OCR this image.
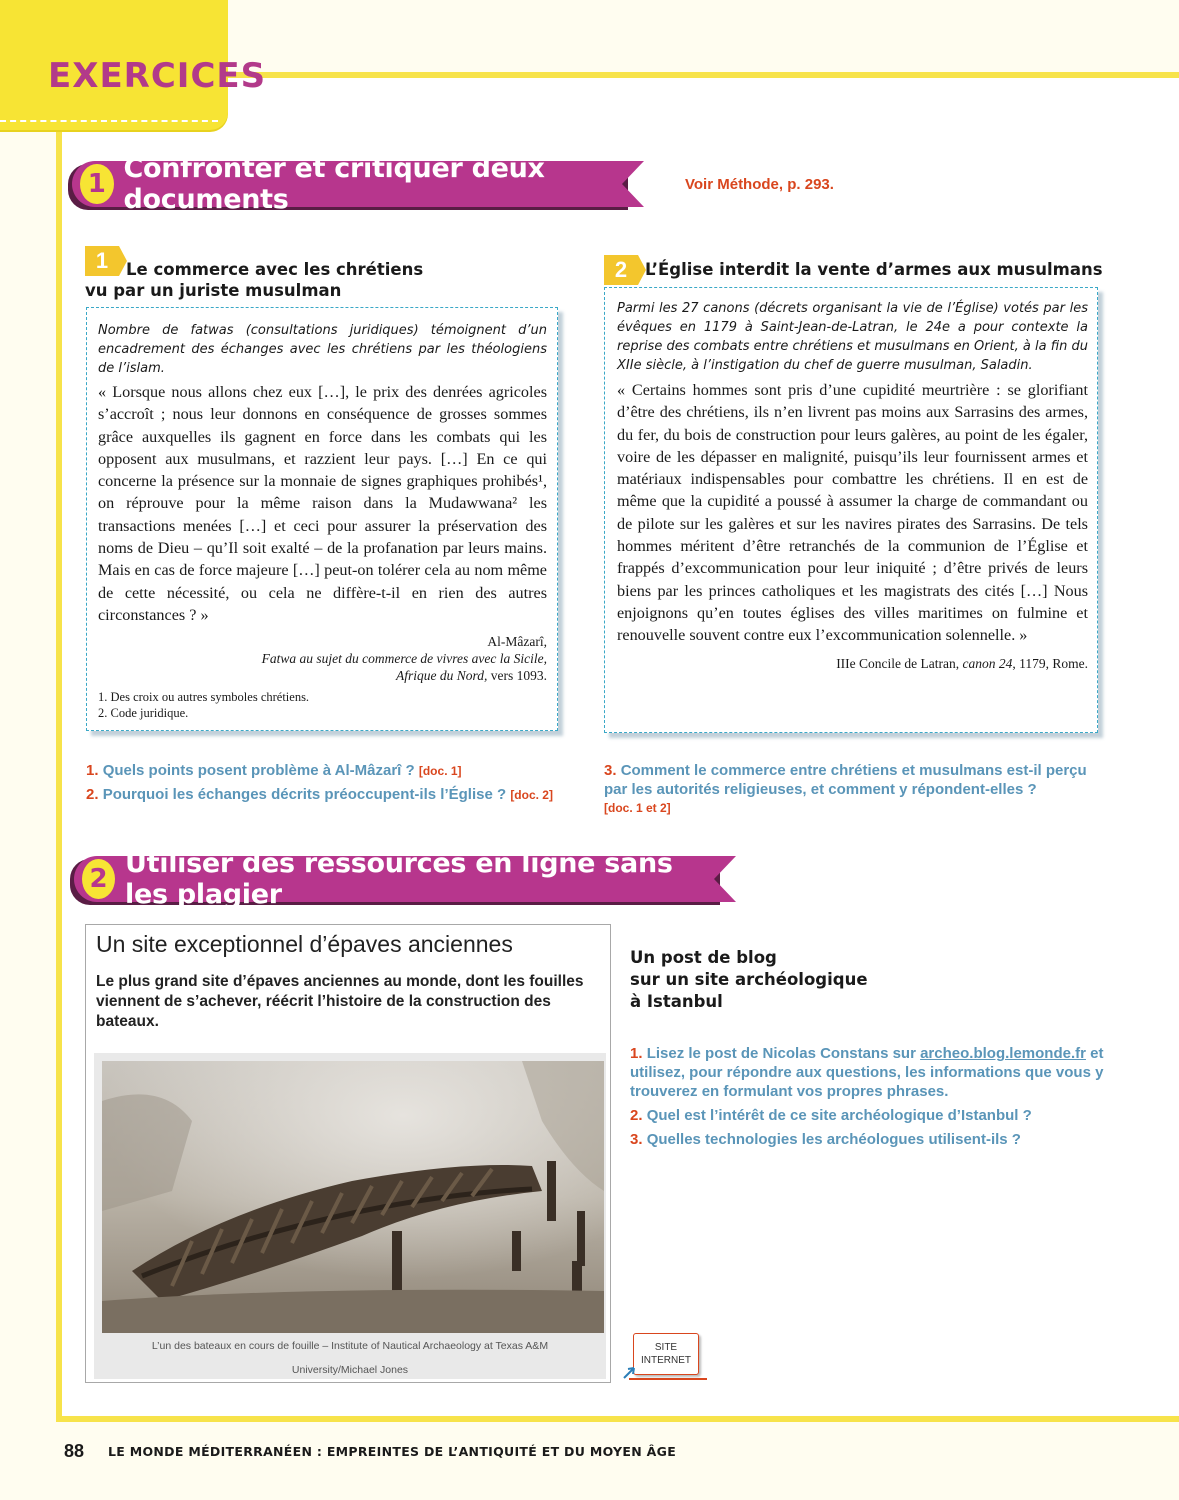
EXERCICES
1 Confronter et critiquer deux documents	Voir Méthode, p. 293.
1	Le commerce avec les chrétiens
vu par un juriste musulman
Nombre de fatwas (consultations juridiques) témoignent d’un encadrement des échanges avec les chrétiens par les théologiens de l’islam.
« Lorsque nous allons chez eux […], le prix des denrées agricoles s’accroît ; nous leur donnons en conséquence de grosses sommes grâce auxquelles ils gagnent en force dans les combats qui les opposent aux musulmans, et razzient leur pays. […] En ce qui concerne la présence sur la monnaie de signes graphiques prohibés¹, on réprouve pour la même raison dans la Mudawwana² les transactions menées […] et ceci pour assurer la préservation des noms de Dieu – qu’Il soit exalté – de la profanation par leurs mains. Mais en cas de force majeure […] peut-on tolérer cela au nom même de cette nécessité, ou cela ne diffère-t-il en rien des autres circonstances ? »
Al-Mâzarî,
Fatwa au sujet du commerce de vivres avec la Sicile,
Afrique du Nord, vers 1093.
1. Des croix ou autres symboles chrétiens.
2. Code juridique.
2	L’Église interdit la vente d’armes aux musulmans
Parmi les 27 canons (décrets organisant la vie de l’Église) votés par les évêques en 1179 à Saint-Jean-de-Latran, le 24e a pour contexte la reprise des combats entre chrétiens et musulmans en Orient, à la fin du XIIe siècle, à l’instigation du chef de guerre musulman, Saladin.
« Certains hommes sont pris d’une cupidité meurtrière : se glorifiant d’être des chrétiens, ils n’en livrent pas moins aux Sarrasins des armes, du fer, du bois de construction pour leurs galères, au point de les égaler, voire de les dépasser en malignité, puisqu’ils leur fournissent armes et matériaux indispensables pour combattre les chrétiens. Il en est de même que la cupidité a poussé à assumer la charge de commandant ou de pilote sur les galères et sur les navires pirates des Sarrasins. De tels hommes méritent d’être retranchés de la communion de l’Église et frappés d’excommunication pour leur iniquité ; d’être privés de leurs biens par les princes catholiques et les magistrats des cités […] Nous enjoignons qu’en toutes églises des villes maritimes on fulmine et renouvelle souvent contre eux l’excommunication solennelle. »
IIIe Concile de Latran, canon 24, 1179, Rome.
1. Quels points posent problème à Al-Mâzarî ? [doc. 1]
2. Pourquoi les échanges décrits préoccupent-ils l’Église ? [doc. 2]
3. Comment le commerce entre chrétiens et musulmans est-il perçu par les autorités religieuses, et comment y répondent-elles ?
[doc. 1 et 2]
2 Utiliser des ressources en ligne sans les plagier
Un site exceptionnel d’épaves anciennes
Le plus grand site d’épaves anciennes au monde, dont les fouilles viennent de s’achever, réécrit l’histoire de la construction des bateaux.
L’un des bateaux en cours de fouille – Institute of Nautical Archaeology at Texas A&M
University/Michael Jones
Un post de blog
sur un site archéologique
à Istanbul
1. Lisez le post de Nicolas Constans sur archeo.blog.lemonde.fr et utilisez, pour répondre aux questions, les informations que vous y trouverez en formulant vos propres phrases.
2. Quel est l’intérêt de ce site archéologique d’Istanbul ?
3. Quelles technologies les archéologues utilisent-ils ?
SITE
INTERNET
88 LE MONDE MÉDITERRANÉEN : EMPREINTES DE L’ANTIQUITÉ ET DU MOYEN ÂGE
